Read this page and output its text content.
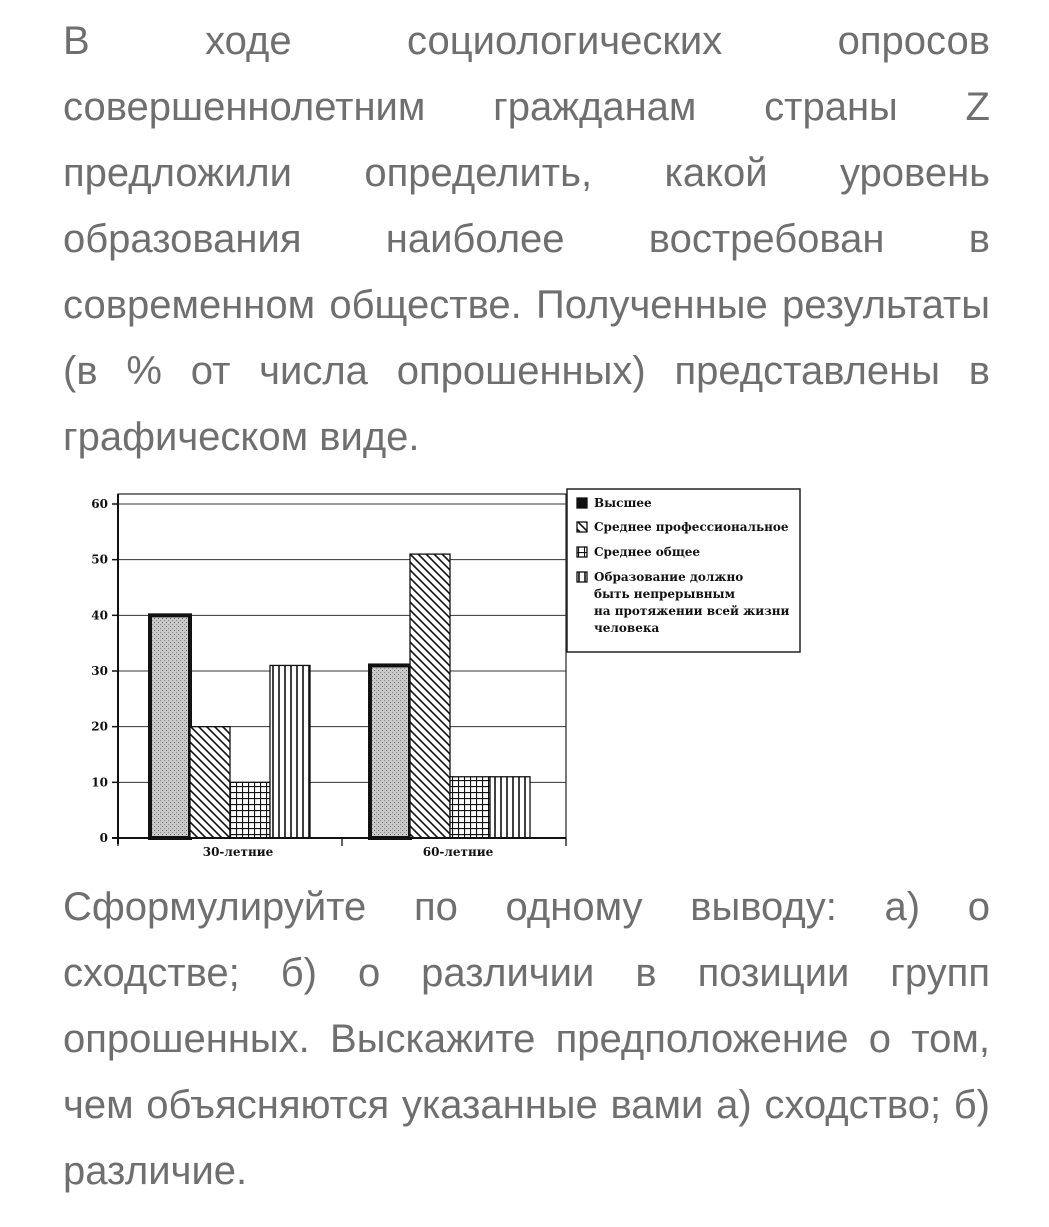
В ходе социологических опросов совершеннолетним гражданам страны Z предложили определить, какой уровень образования наиболее востребован в современном обществе. Полученные результаты (в % от числа опрошенных) представлены в графическом виде.
0
10
20
30
40
50
60
30-летние	60-летние
Высшее
Среднее профессиональное
Среднее общее
Образование должно
быть непрерывным
на протяжении всей жизни
человека
Сформулируйте по одному выводу: а) о сходстве; б) о различии в позиции групп опрошенных. Выскажите предположение о том, чем объясняются указанные вами а) сходство; б) различие.
